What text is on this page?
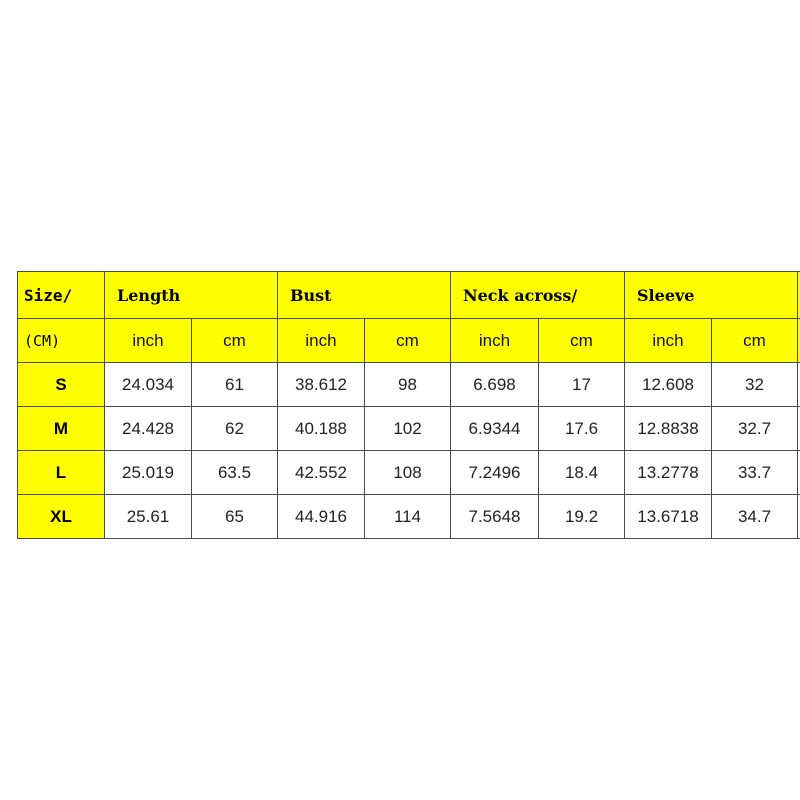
Size/	Length		Bust		Neck across/		Sleeve		
(CM)	inch	cm	inch	cm	inch	cm	inch	cm	
S	24.034	61	38.612	98	6.698	17	12.608	32	
M	24.428	62	40.188	102	6.9344	17.6	12.8838	32.7	
L	25.019	63.5	42.552	108	7.2496	18.4	13.2778	33.7	
XL	25.61	65	44.916	114	7.5648	19.2	13.6718	34.7	
